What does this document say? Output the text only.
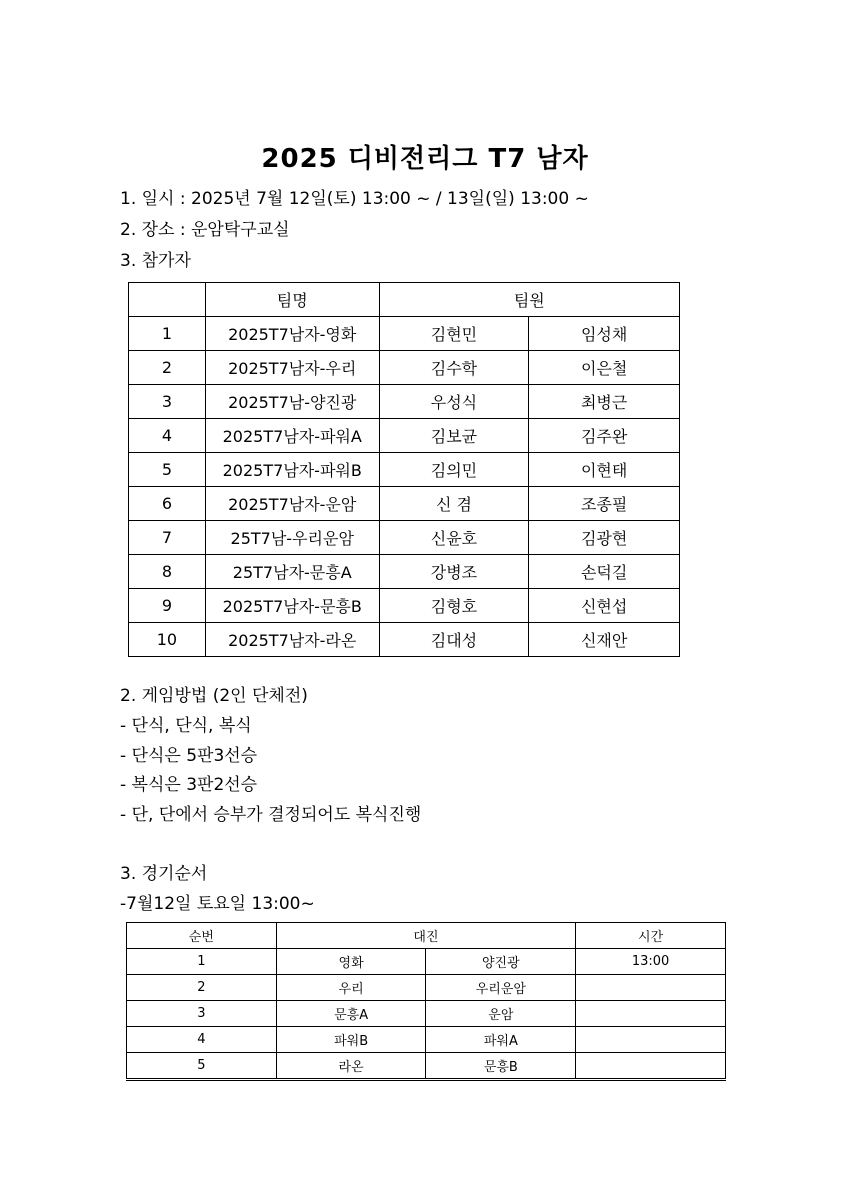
2025 디비전리그 T7 남자
1. 일시 : 2025년 7월 12일(토) 13:00 ~ / 13일(일) 13:00 ~
2. 장소 : 운암탁구교실
3. 참가자
	팀명	팀원	
1	2025T7남자-영화	김현민	임성채
2	2025T7남자-우리	김수학	이은철
3	2025T7남-양진광	우성식	최병근
4	2025T7남자-파워A	김보균	김주완
5	2025T7남자-파워B	김의민	이현태
6	2025T7남자-운암	신 겸	조종필
7	25T7남-우리운암	신윤호	김광현
8	25T7남자-문흥A	강병조	손덕길
9	2025T7남자-문흥B	김형호	신현섭
10	2025T7남자-라온	김대성	신재안
2. 게임방법 (2인 단체전)
- 단식, 단식, 복식
- 단식은 5판3선승
- 복식은 3판2선승
- 단, 단에서 승부가 결정되어도 복식진행
3. 경기순서
-7월12일 토요일 13:00~
순번	대진		시간
1	영화	양진광	13:00
2	우리	우리운암	
3	문흥A	운암	
4	파워B	파워A	
5	라온	문흥B	
